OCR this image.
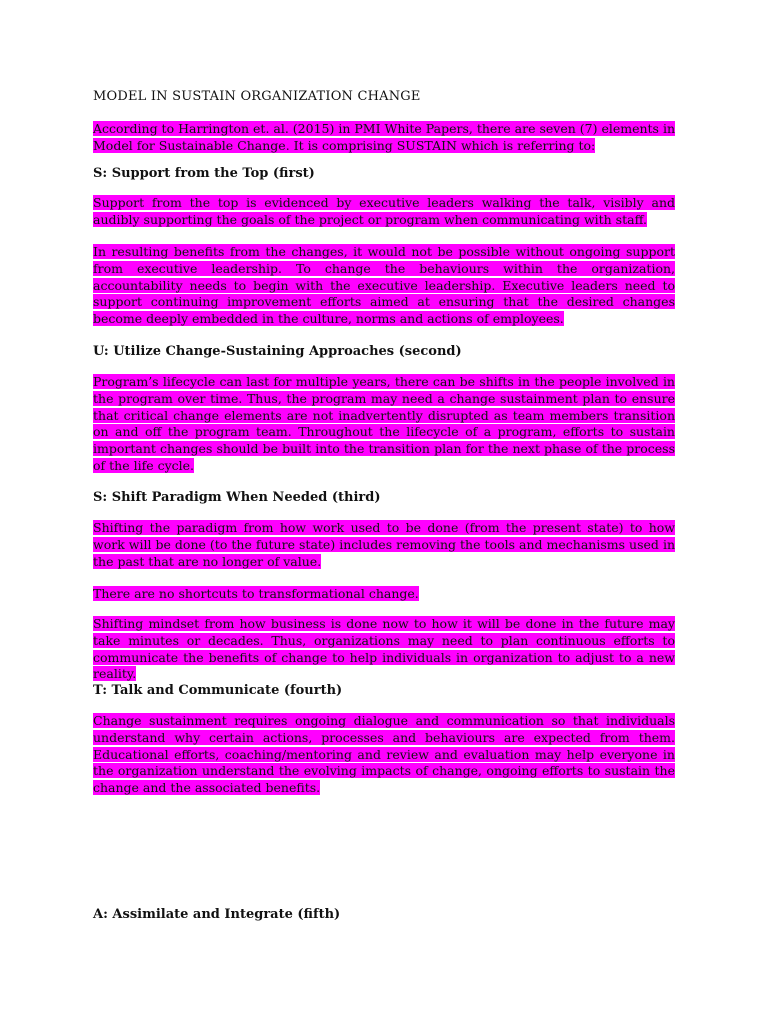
MODEL IN SUSTAIN ORGANIZATION CHANGE

According to Harrington et. al. (2015) in PMI White Papers, there are seven (7) elements in Model for Sustainable Change. It is comprising SUSTAIN which is referring to:

S: Support from the Top (first)

Support from the top is evidenced by executive leaders walking the talk, visibly and audibly supporting the goals of the project or program when communicating with staff.

In resulting benefits from the changes, it would not be possible without ongoing support from executive leadership. To change the behaviours within the organization, accountability needs to begin with the executive leadership. Executive leaders need to support continuing improvement efforts aimed at ensuring that the desired changes become deeply embedded in the culture, norms and actions of employees.

U: Utilize Change-Sustaining Approaches (second)

Program’s lifecycle can last for multiple years, there can be shifts in the people involved in the program over time. Thus, the program may need a change sustainment plan to ensure that critical change elements are not inadvertently disrupted as team members transition on and off the program team. Throughout the lifecycle of a program, efforts to sustain important changes should be built into the transition plan for the next phase of the process of the life cycle.

S: Shift Paradigm When Needed (third)

Shifting the paradigm from how work used to be done (from the present state) to how work will be done (to the future state) includes removing the tools and mechanisms used in the past that are no longer of value.

There are no shortcuts to transformational change.

Shifting mindset from how business is done now to how it will be done in the future may take minutes or decades. Thus, organizations may need to plan continuous efforts to communicate the benefits of change to help individuals in organization to adjust to a new reality.

T: Talk and Communicate (fourth)

Change sustainment requires ongoing dialogue and communication so that individuals understand why certain actions, processes and behaviours are expected from them. Educational efforts, coaching/mentoring and review and evaluation may help everyone in the organization understand the evolving impacts of change, ongoing efforts to sustain the change and the associated benefits.

A: Assimilate and Integrate (fifth)
